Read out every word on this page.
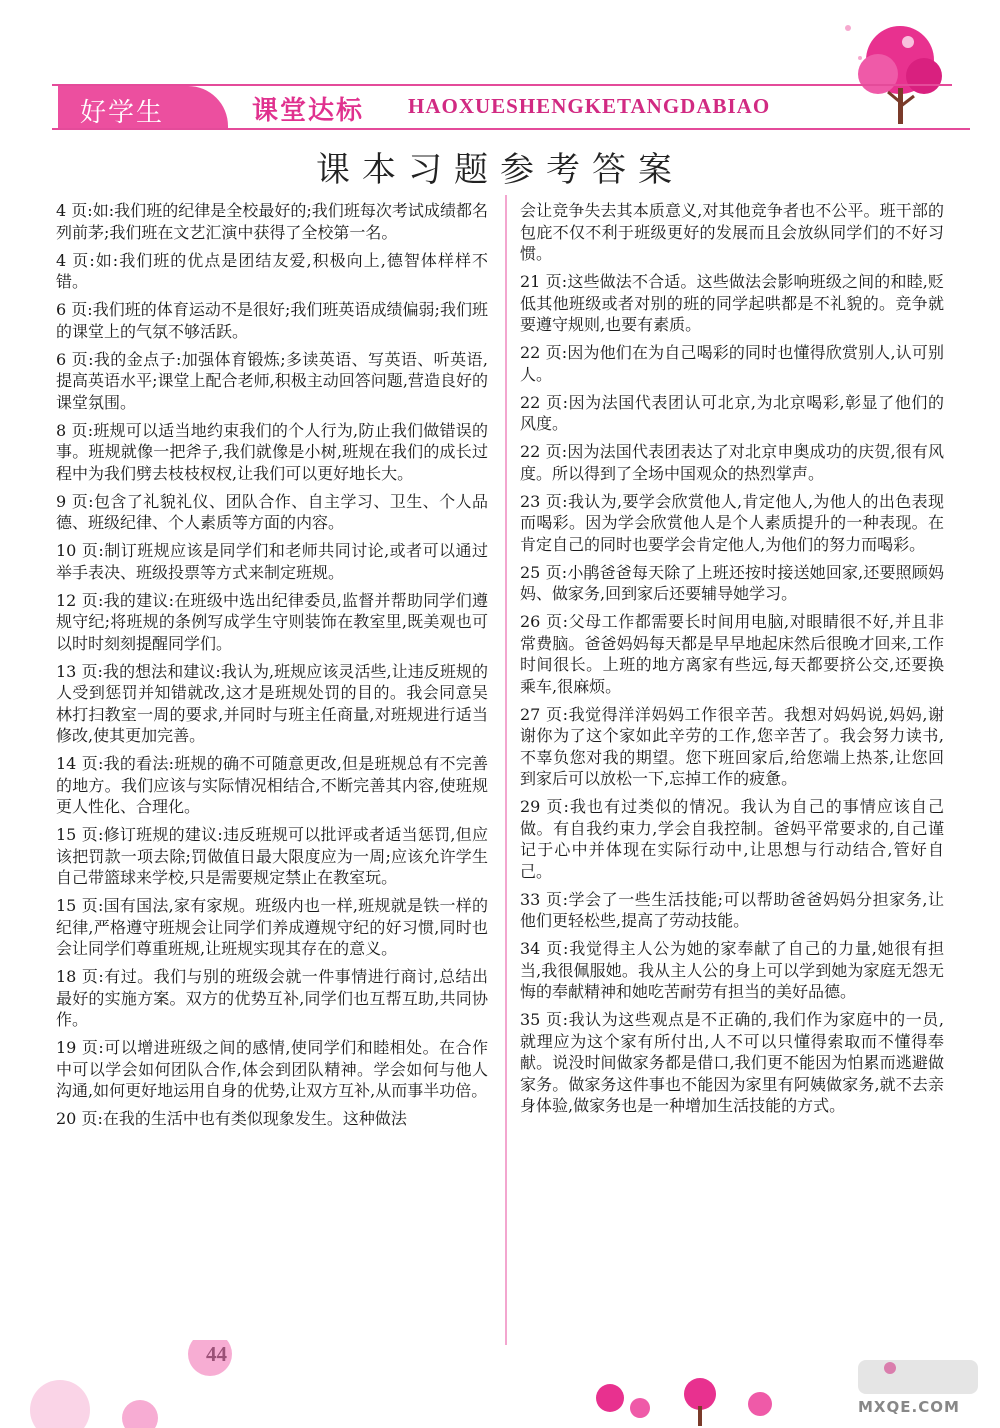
好学生	课堂达标 HAOXUESHENGKETANGDABIAO
课本习题参考答案

4 页:如:我们班的纪律是全校最好的;我们班每次考试成绩都名列前茅;我们班在文艺汇演中获得了全校第一名。

4 页:如:我们班的优点是团结友爱,积极向上,德智体样样不错。

6 页:我们班的体育运动不是很好;我们班英语成绩偏弱;我们班的课堂上的气氛不够活跃。

6 页:我的金点子:加强体育锻炼;多读英语、写英语、听英语,提高英语水平;课堂上配合老师,积极主动回答问题,营造良好的课堂氛围。

8 页:班规可以适当地约束我们的个人行为,防止我们做错误的事。班规就像一把斧子,我们就像是小树,班规在我们的成长过程中为我们劈去枝枝杈杈,让我们可以更好地长大。

9 页:包含了礼貌礼仪、团队合作、自主学习、卫生、个人品德、班级纪律、个人素质等方面的内容。

10 页:制订班规应该是同学们和老师共同讨论,或者可以通过举手表决、班级投票等方式来制定班规。

12 页:我的建议:在班级中选出纪律委员,监督并帮助同学们遵规守纪;将班规的条例写成学生守则装饰在教室里,既美观也可以时时刻刻提醒同学们。

13 页:我的想法和建议:我认为,班规应该灵活些,让违反班规的人受到惩罚并知错就改,这才是班规处罚的目的。我会同意吴林打扫教室一周的要求,并同时与班主任商量,对班规进行适当修改,使其更加完善。

14 页:我的看法:班规的确不可随意更改,但是班规总有不完善的地方。我们应该与实际情况相结合,不断完善其内容,使班规更人性化、合理化。

15 页:修订班规的建议:违反班规可以批评或者适当惩罚,但应该把罚款一项去除;罚做值日最大限度应为一周;应该允许学生自己带篮球来学校,只是需要规定禁止在教室玩。

15 页:国有国法,家有家规。班级内也一样,班规就是铁一样的纪律,严格遵守班规会让同学们养成遵规守纪的好习惯,同时也会让同学们尊重班规,让班规实现其存在的意义。

18 页:有过。我们与别的班级会就一件事情进行商讨,总结出最好的实施方案。双方的优势互补,同学们也互帮互助,共同协作。

19 页:可以增进班级之间的感情,使同学们和睦相处。在合作中可以学会如何团队合作,体会到团队精神。学会如何与他人沟通,如何更好地运用自身的优势,让双方互补,从而事半功倍。

20 页:在我的生活中也有类似现象发生。这种做法

会让竞争失去其本质意义,对其他竞争者也不公平。班干部的包庇不仅不利于班级更好的发展而且会放纵同学们的不好习惯。

21 页:这些做法不合适。这些做法会影响班级之间的和睦,贬低其他班级或者对别的班的同学起哄都是不礼貌的。竞争就要遵守规则,也要有素质。

22 页:因为他们在为自己喝彩的同时也懂得欣赏别人,认可别人。

22 页:因为法国代表团认可北京,为北京喝彩,彰显了他们的风度。

22 页:因为法国代表团表达了对北京申奥成功的庆贺,很有风度。所以得到了全场中国观众的热烈掌声。

23 页:我认为,要学会欣赏他人,肯定他人,为他人的出色表现而喝彩。因为学会欣赏他人是个人素质提升的一种表现。在肯定自己的同时也要学会肯定他人,为他们的努力而喝彩。

25 页:小鹃爸爸每天除了上班还按时接送她回家,还要照顾妈妈、做家务,回到家后还要辅导她学习。

26 页:父母工作都需要长时间用电脑,对眼睛很不好,并且非常费脑。爸爸妈妈每天都是早早地起床然后很晚才回来,工作时间很长。上班的地方离家有些远,每天都要挤公交,还要换乘车,很麻烦。

27 页:我觉得洋洋妈妈工作很辛苦。我想对妈妈说,妈妈,谢谢你为了这个家如此辛劳的工作,您辛苦了。我会努力读书,不辜负您对我的期望。您下班回家后,给您端上热茶,让您回到家后可以放松一下,忘掉工作的疲惫。

29 页:我也有过类似的情况。我认为自己的事情应该自己做。有自我约束力,学会自我控制。爸妈平常要求的,自己谨记于心中并体现在实际行动中,让思想与行动结合,管好自己。

33 页:学会了一些生活技能;可以帮助爸爸妈妈分担家务,让他们更轻松些,提高了劳动技能。

34 页:我觉得主人公为她的家奉献了自己的力量,她很有担当,我很佩服她。我从主人公的身上可以学到她为家庭无怨无悔的奉献精神和她吃苦耐劳有担当的美好品德。

35 页:我认为这些观点是不正确的,我们作为家庭中的一员,就理应为这个家有所付出,人不可以只懂得索取而不懂得奉献。说没时间做家务都是借口,我们更不能因为怕累而逃避做家务。做家务这件事也不能因为家里有阿姨做家务,就不去亲身体验,做家务也是一种增加生活技能的方式。

MXQE.COM
